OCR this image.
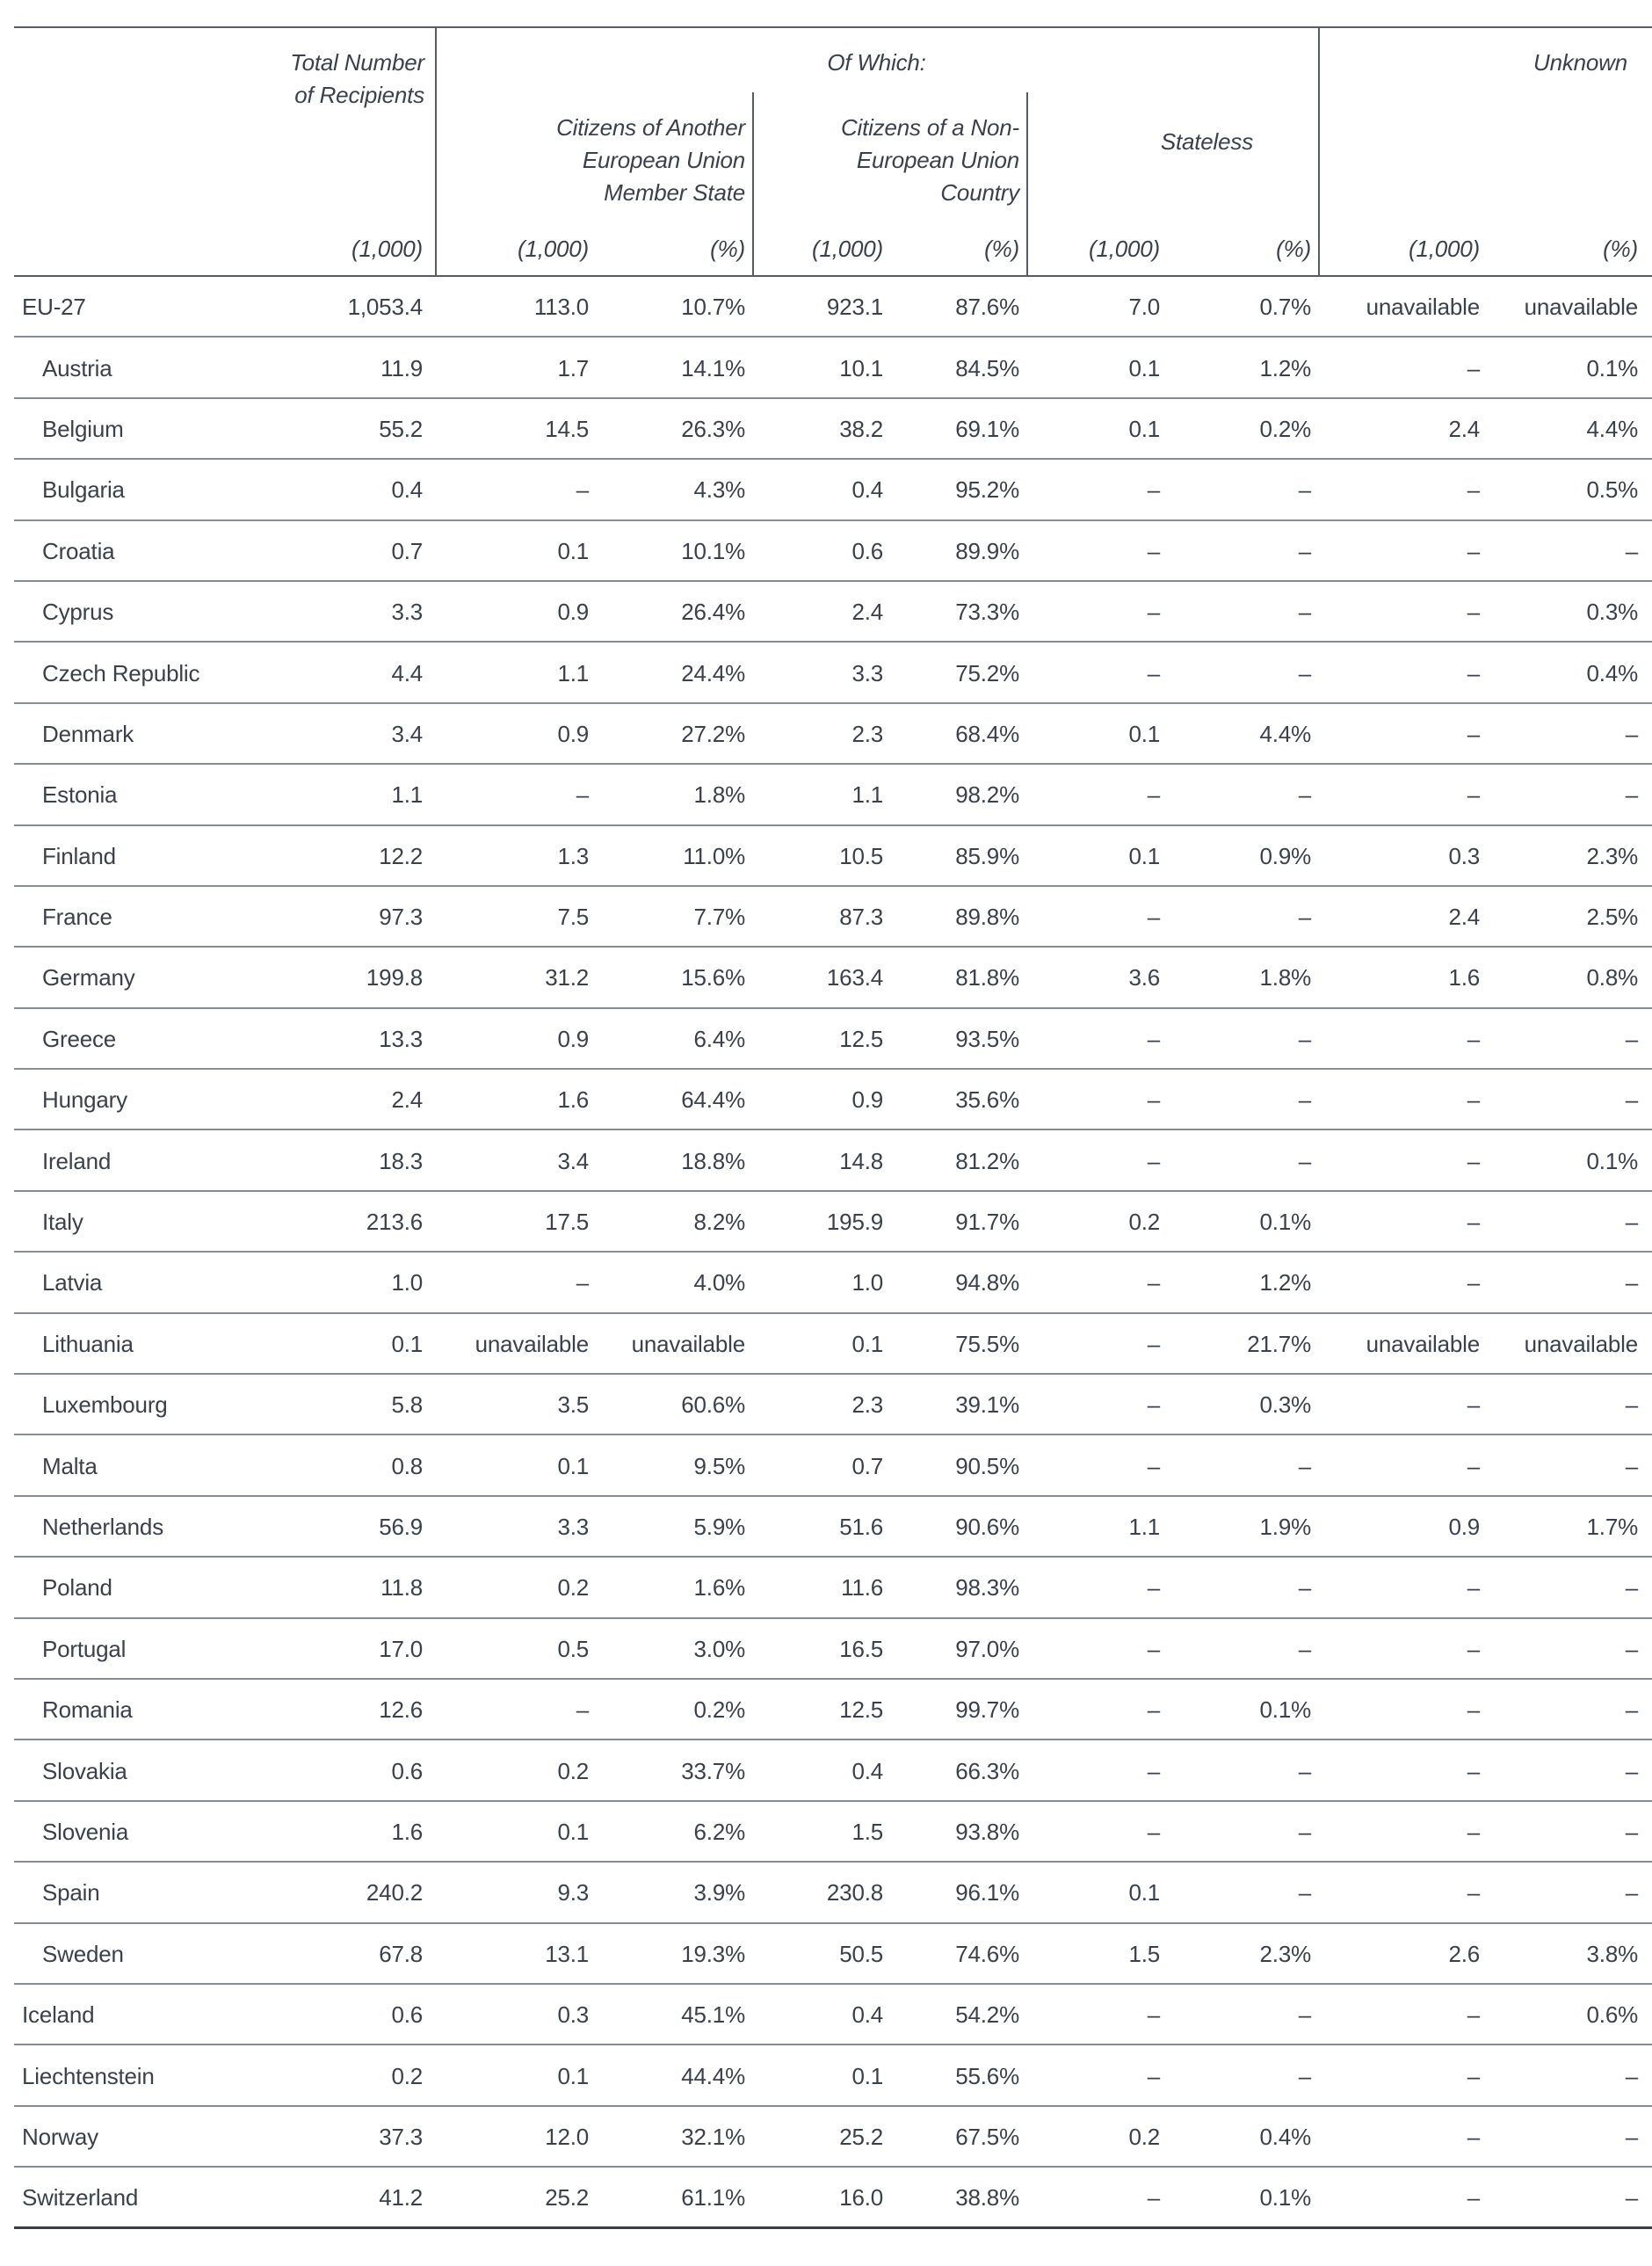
Total Number
of Recipients
Of Which:	Unknown
Citizens of Another
European Union
Member State
Citizens of a Non-
European Union
Country
Stateless
(1,000)	(1,000)	(%)	(1,000)	(%)	(1,000)	(%)	(1,000)	(%)
EU-27	1,053.4	113.0	10.7%	923.1	87.6%	7.0	0.7%	unavailable	unavailable
Austria	11.9	1.7	14.1%	10.1	84.5%	0.1	1.2%	–	0.1%
Belgium	55.2	14.5	26.3%	38.2	69.1%	0.1	0.2%	2.4	4.4%
Bulgaria	0.4	–	4.3%	0.4	95.2%	–	–	–	0.5%
Croatia	0.7	0.1	10.1%	0.6	89.9%	–	–	–	–
Cyprus	3.3	0.9	26.4%	2.4	73.3%	–	–	–	0.3%
Czech Republic	4.4	1.1	24.4%	3.3	75.2%	–	–	–	0.4%
Denmark	3.4	0.9	27.2%	2.3	68.4%	0.1	4.4%	–	–
Estonia	1.1	–	1.8%	1.1	98.2%	–	–	–	–
Finland	12.2	1.3	11.0%	10.5	85.9%	0.1	0.9%	0.3	2.3%
France	97.3	7.5	7.7%	87.3	89.8%	–	–	2.4	2.5%
Germany	199.8	31.2	15.6%	163.4	81.8%	3.6	1.8%	1.6	0.8%
Greece	13.3	0.9	6.4%	12.5	93.5%	–	–	–	–
Hungary	2.4	1.6	64.4%	0.9	35.6%	–	–	–	–
Ireland	18.3	3.4	18.8%	14.8	81.2%	–	–	–	0.1%
Italy	213.6	17.5	8.2%	195.9	91.7%	0.2	0.1%	–	–
Latvia	1.0	–	4.0%	1.0	94.8%	–	1.2%	–	–
Lithuania	0.1	unavailable	unavailable	0.1	75.5%	–	21.7%	unavailable	unavailable
Luxembourg	5.8	3.5	60.6%	2.3	39.1%	–	0.3%	–	–
Malta	0.8	0.1	9.5%	0.7	90.5%	–	–	–	–
Netherlands	56.9	3.3	5.9%	51.6	90.6%	1.1	1.9%	0.9	1.7%
Poland	11.8	0.2	1.6%	11.6	98.3%	–	–	–	–
Portugal	17.0	0.5	3.0%	16.5	97.0%	–	–	–	–
Romania	12.6	–	0.2%	12.5	99.7%	–	0.1%	–	–
Slovakia	0.6	0.2	33.7%	0.4	66.3%	–	–	–	–
Slovenia	1.6	0.1	6.2%	1.5	93.8%	–	–	–	–
Spain	240.2	9.3	3.9%	230.8	96.1%	0.1	–	–	–
Sweden	67.8	13.1	19.3%	50.5	74.6%	1.5	2.3%	2.6	3.8%
Iceland	0.6	0.3	45.1%	0.4	54.2%	–	–	–	0.6%
Liechtenstein	0.2	0.1	44.4%	0.1	55.6%	–	–	–	–
Norway	37.3	12.0	32.1%	25.2	67.5%	0.2	0.4%	–	–
Switzerland	41.2	25.2	61.1%	16.0	38.8%	–	0.1%	–	–
